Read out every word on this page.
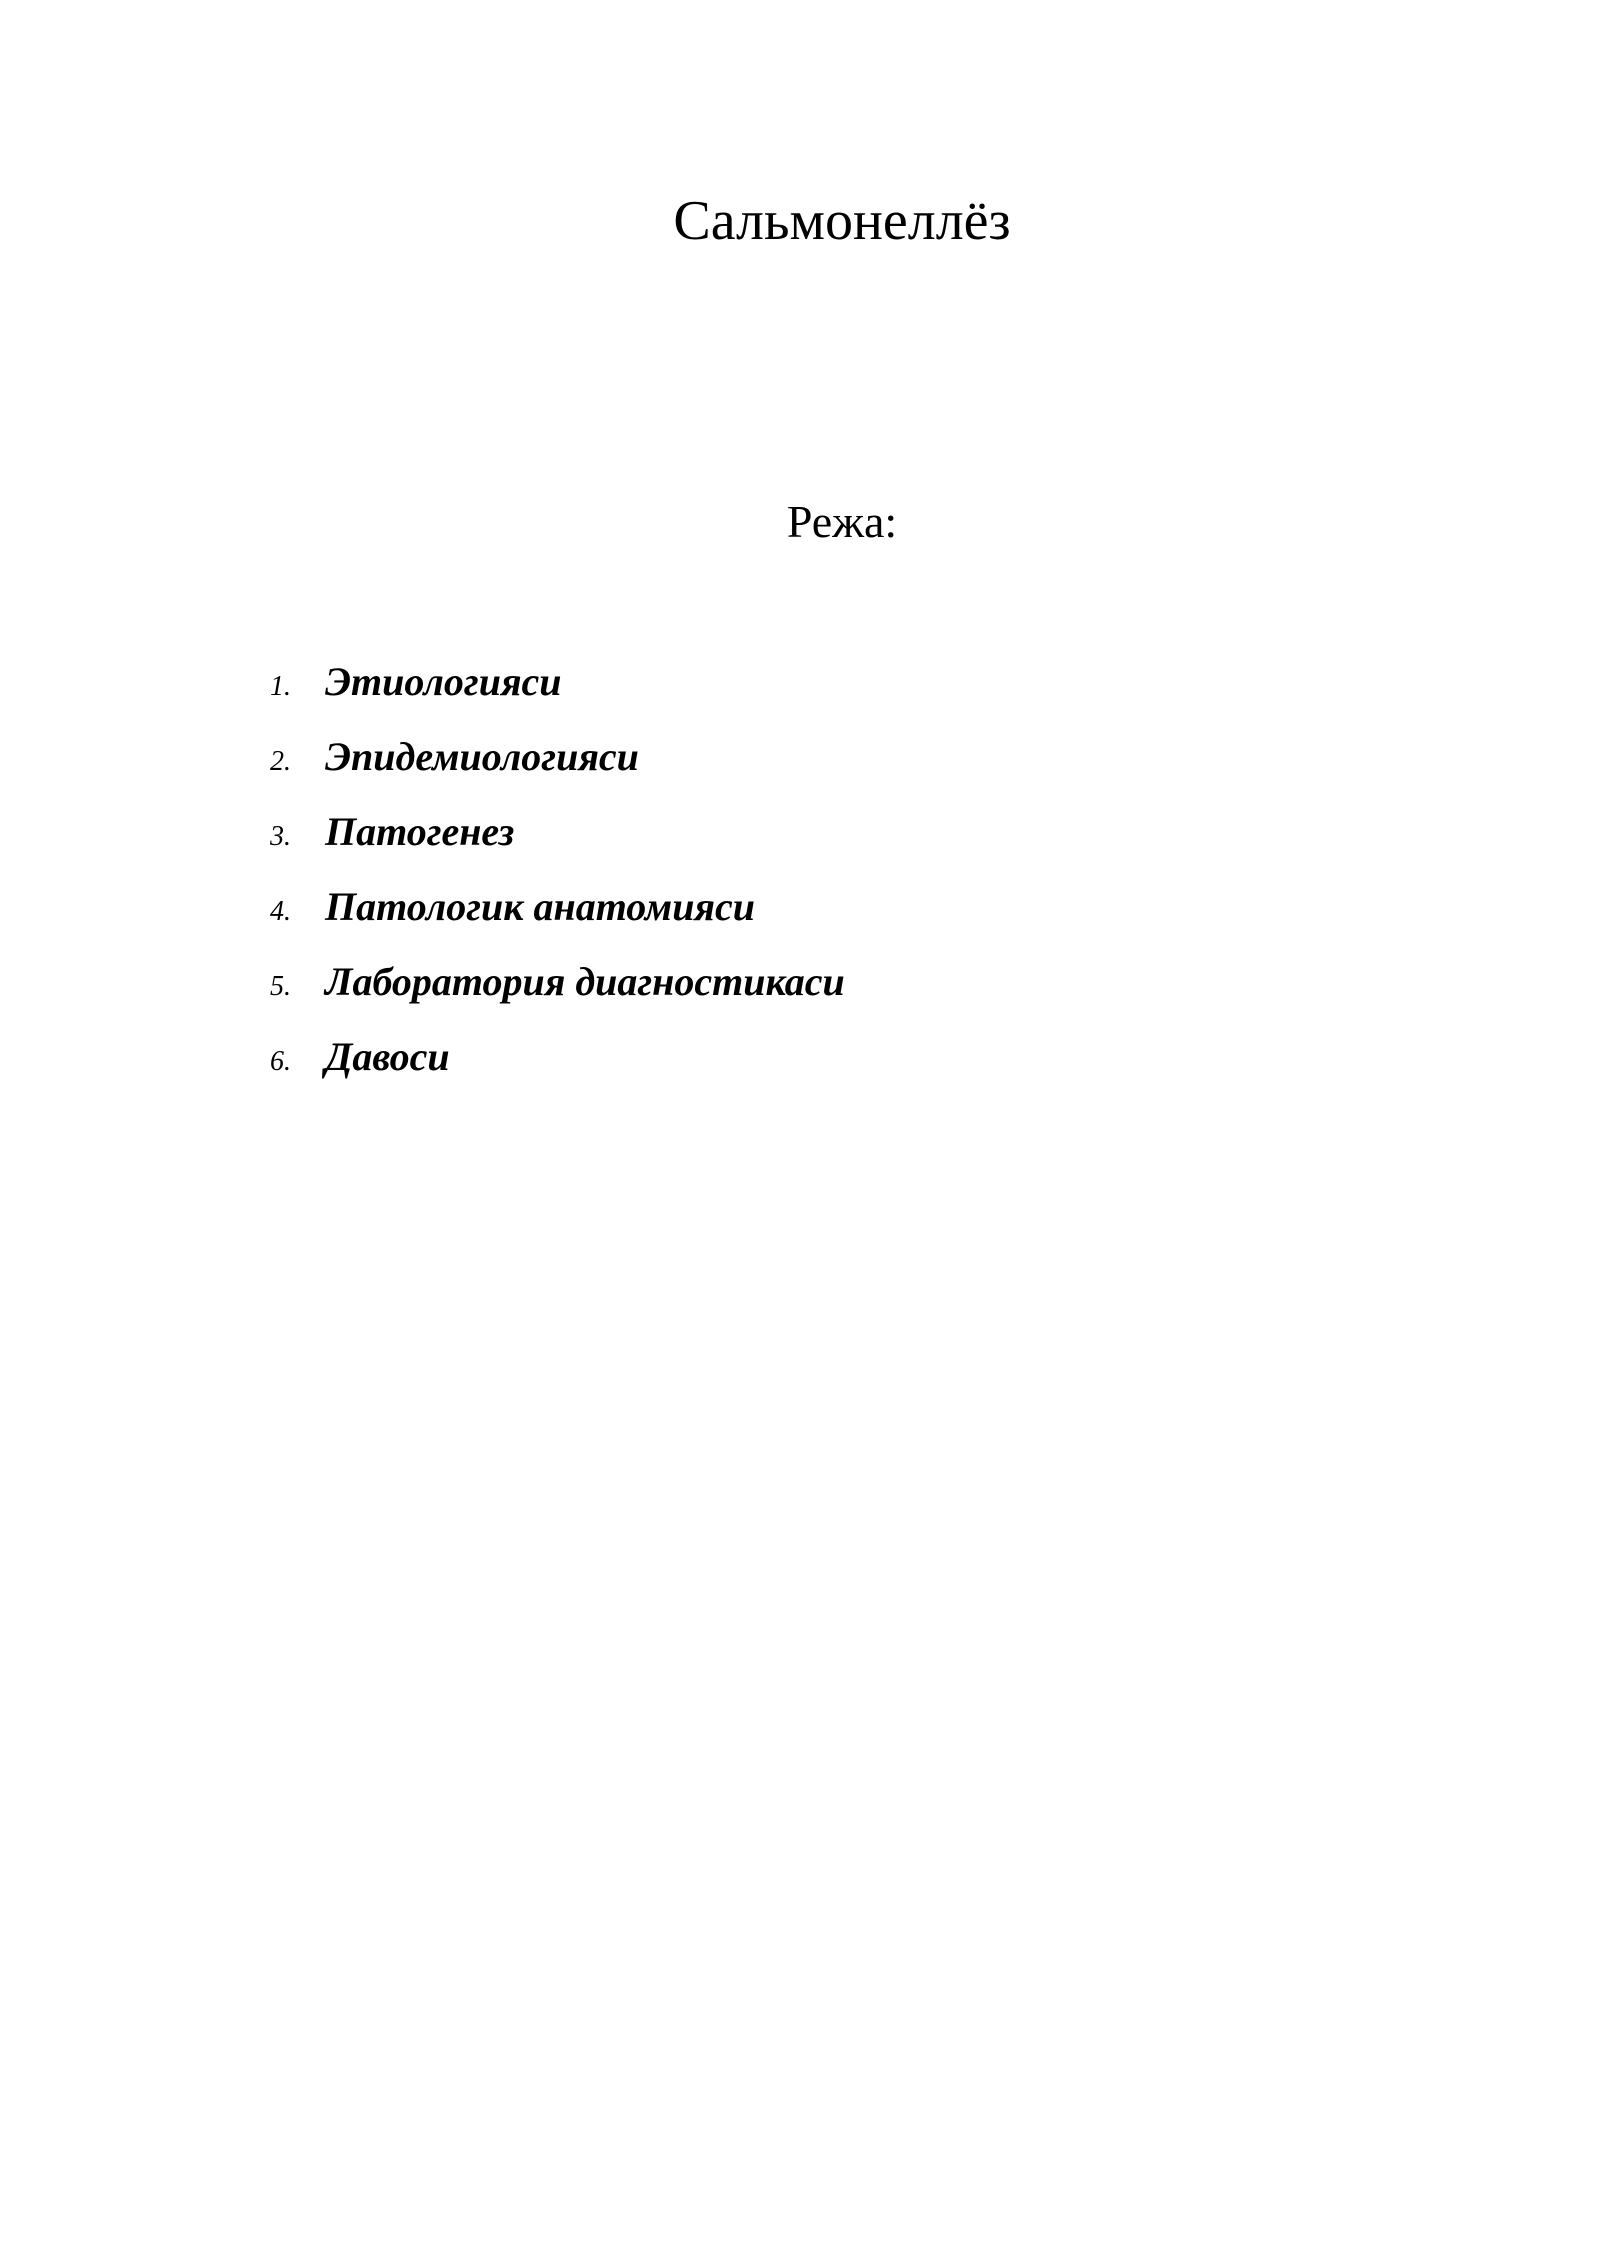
Сальмонеллёз
Режа:
1. Этиологияси
2. Эпидемиологияси
3. Патогенез
4. Патологик анатомияси
5. Лаборатория диагностикаси
6. Давоси
